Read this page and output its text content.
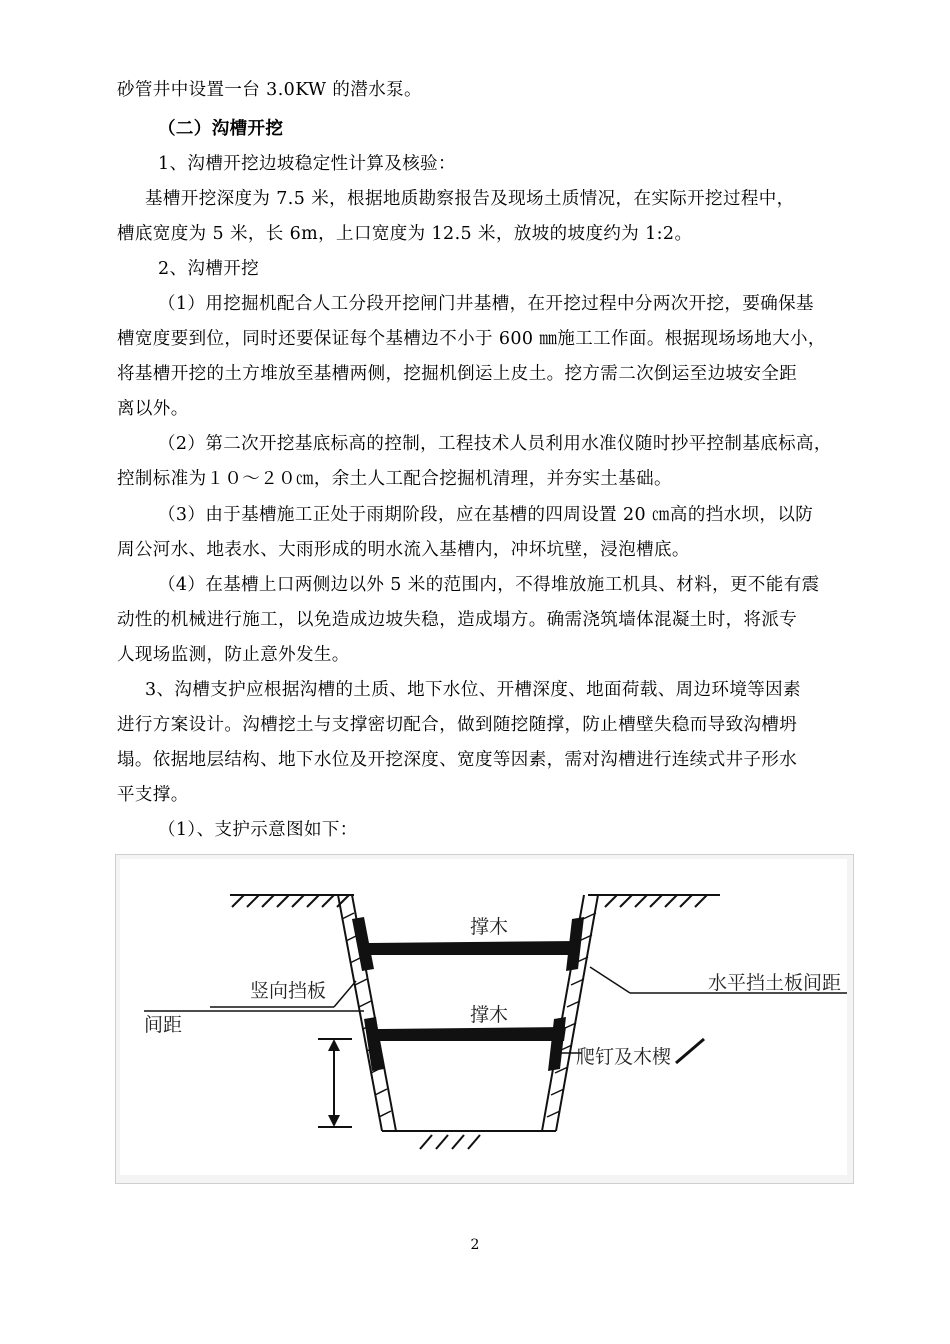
砂管井中设置一台 3.0KW 的潜水泵。
（二）沟槽开挖
1、沟槽开挖边坡稳定性计算及核验：
基槽开挖深度为 7.5 米，根据地质勘察报告及现场土质情况，在实际开挖过程中，
槽底宽度为 5 米，长 6m，上口宽度为 12.5 米，放坡的坡度约为 1:2。
2、沟槽开挖
（1）用挖掘机配合人工分段开挖闸门井基槽，在开挖过程中分两次开挖，要确保基
槽宽度要到位，同时还要保证每个基槽边不小于 600 ㎜施工工作面。根据现场场地大小，
将基槽开挖的土方堆放至基槽两侧，挖掘机倒运上皮土。挖方需二次倒运至边坡安全距
离以外。
（2）第二次开挖基底标高的控制，工程技术人员利用水准仪随时抄平控制基底标高，
控制标准为１０～２０㎝，余土人工配合挖掘机清理，并夯实土基础。
（3）由于基槽施工正处于雨期阶段，应在基槽的四周设置 20 ㎝高的挡水坝，以防
周公河水、地表水、大雨形成的明水流入基槽内，冲坏坑壁，浸泡槽底。
（4）在基槽上口两侧边以外 5 米的范围内，不得堆放施工机具、材料，更不能有震
动性的机械进行施工，以免造成边坡失稳，造成塌方。确需浇筑墙体混凝土时，将派专
人现场监测，防止意外发生。
3、沟槽支护应根据沟槽的土质、地下水位、开槽深度、地面荷载、周边环境等因素
进行方案设计。沟槽挖土与支撑密切配合，做到随挖随撑，防止槽壁失稳而导致沟槽坍
塌。依据地层结构、地下水位及开挖深度、宽度等因素，需对沟槽进行连续式井子形水
平支撑。
（1）、支护示意图如下：
撑木
撑木
竖向挡板
间距
水平挡土板间距
爬钉及木楔
2
